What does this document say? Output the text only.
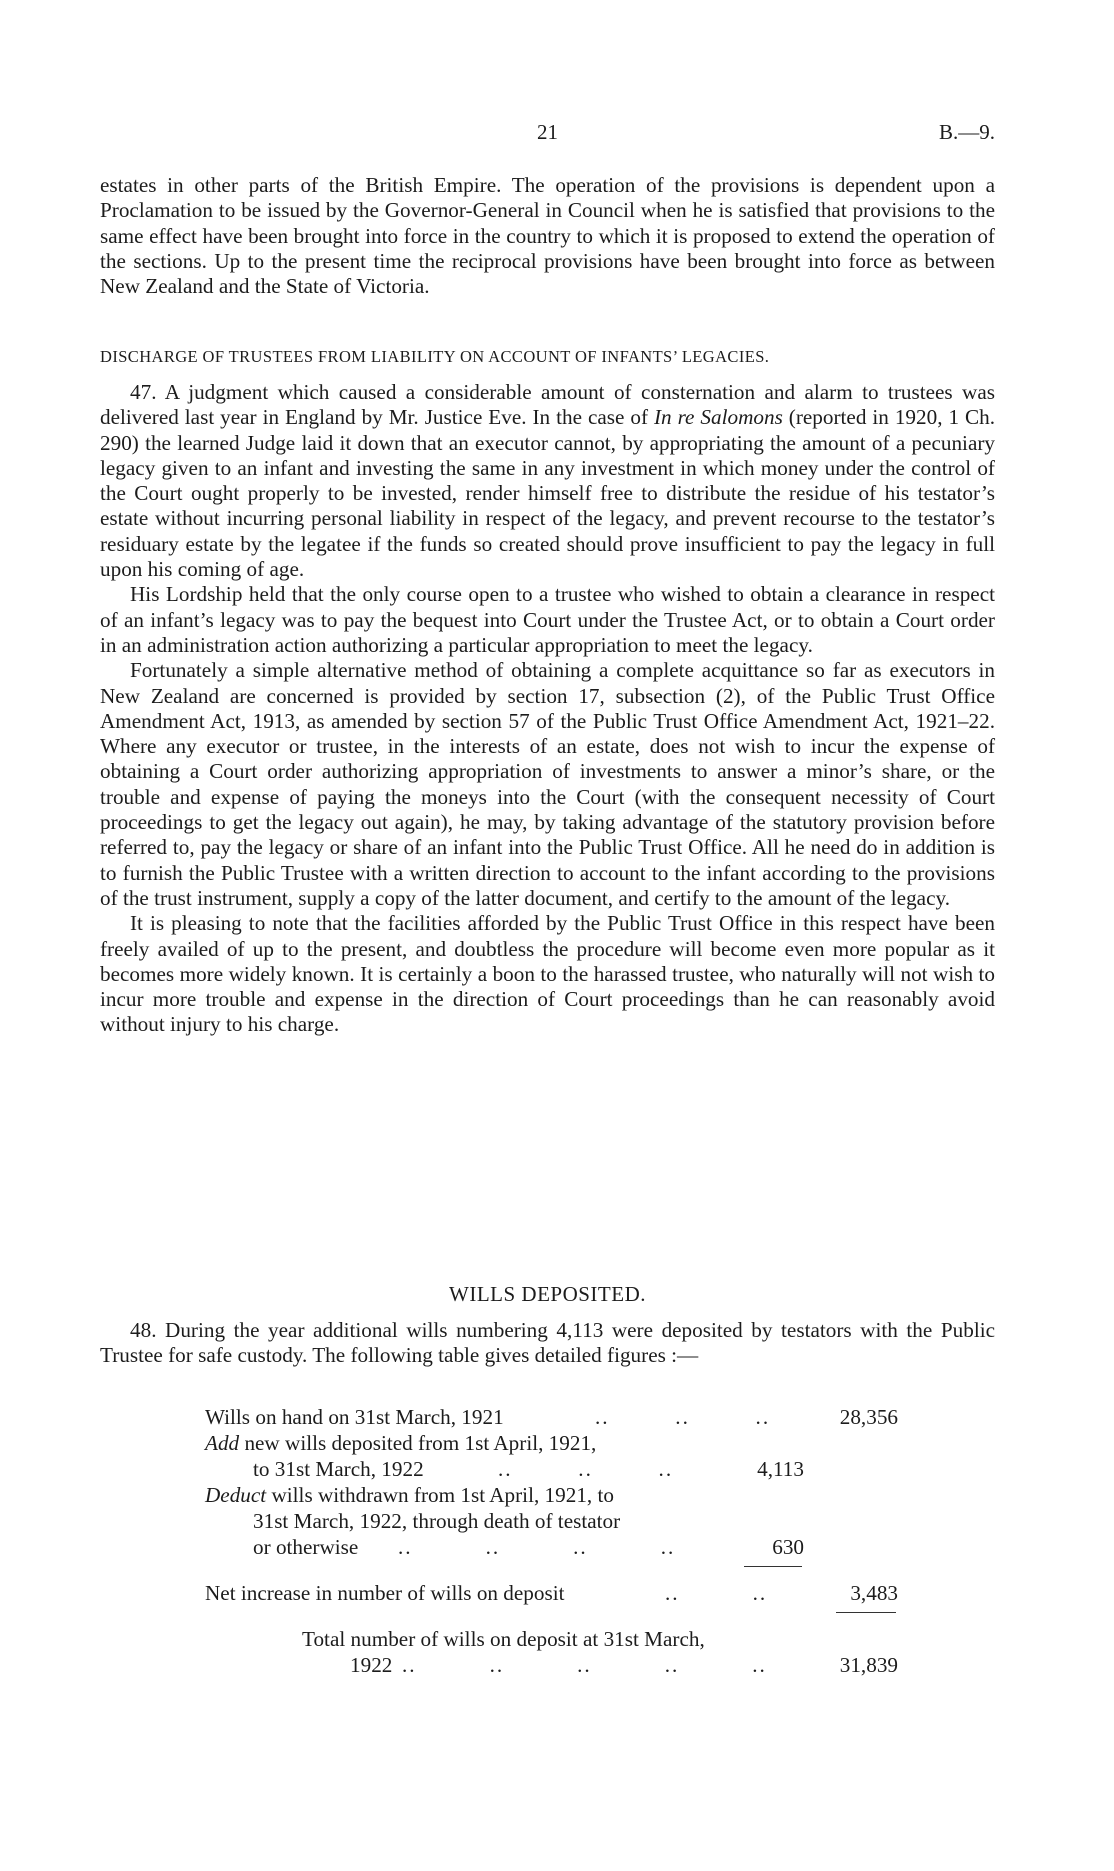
21	B.—9.

estates in other parts of the British Empire. The operation of the provisions is dependent upon a Proclamation to be issued by the Governor-General in Council when he is satisfied that provisions to the same effect have been brought into force in the country to which it is proposed to extend the operation of the sections. Up to the present time the reciprocal provisions have been brought into force as between New Zealand and the State of Victoria.

DISCHARGE OF TRUSTEES FROM LIABILITY ON ACCOUNT OF INFANTS’ LEGACIES.

47. A judgment which caused a considerable amount of consternation and alarm to trustees was delivered last year in England by Mr. Justice Eve. In the case of In re Salomons (reported in 1920, 1 Ch. 290) the learned Judge laid it down that an executor cannot, by appropriating the amount of a pecuniary legacy given to an infant and investing the same in any investment in which money under the control of the Court ought properly to be invested, render himself free to distribute the residue of his testator’s estate without incurring personal liability in respect of the legacy, and prevent recourse to the testator’s residuary estate by the legatee if the funds so created should prove insufficient to pay the legacy in full upon his coming of age.

His Lordship held that the only course open to a trustee who wished to obtain a clearance in respect of an infant’s legacy was to pay the bequest into Court under the Trustee Act, or to obtain a Court order in an administration action authorizing a particular appropriation to meet the legacy.

Fortunately a simple alternative method of obtaining a complete acquittance so far as executors in New Zealand are concerned is provided by section 17, subsection (2), of the Public Trust Office Amendment Act, 1913, as amended by section 57 of the Public Trust Office Amendment Act, 1921–22. Where any executor or trustee, in the interests of an estate, does not wish to incur the expense of obtaining a Court order authorizing appropriation of investments to answer a minor’s share, or the trouble and expense of paying the moneys into the Court (with the consequent necessity of Court proceedings to get the legacy out again), he may, by taking advantage of the statutory provision before referred to, pay the legacy or share of an infant into the Public Trust Office. All he need do in addition is to furnish the Public Trustee with a written direction to account to the infant according to the provisions of the trust instrument, supply a copy of the latter document, and certify to the amount of the legacy.

It is pleasing to note that the facilities afforded by the Public Trust Office in this respect have been freely availed of up to the present, and doubtless the procedure will become even more popular as it becomes more widely known. It is certainly a boon to the harassed trustee, who naturally will not wish to incur more trouble and expense in the direction of Court proceedings than he can reasonably avoid without injury to his charge.

WILLS DEPOSITED.

48. During the year additional wills numbering 4,113 were deposited by testators with the Public Trustee for safe custody. The following table gives detailed figures :—

Wills on hand on 31st March, 1921	..         ..         ..	28,356
Add new wills deposited from 1st April, 1921,
to 31st March, 1922	..         ..         ..	4,113
Deduct wills withdrawn from 1st April, 1921, to
31st March, 1922, through death of testator
or otherwise ..          ..          ..          ..	630
Net increase in number of wills on deposit	..          ..	3,483
Total number of wills on deposit at 31st March,
1922 ..          ..          ..          ..          ..	31,839
